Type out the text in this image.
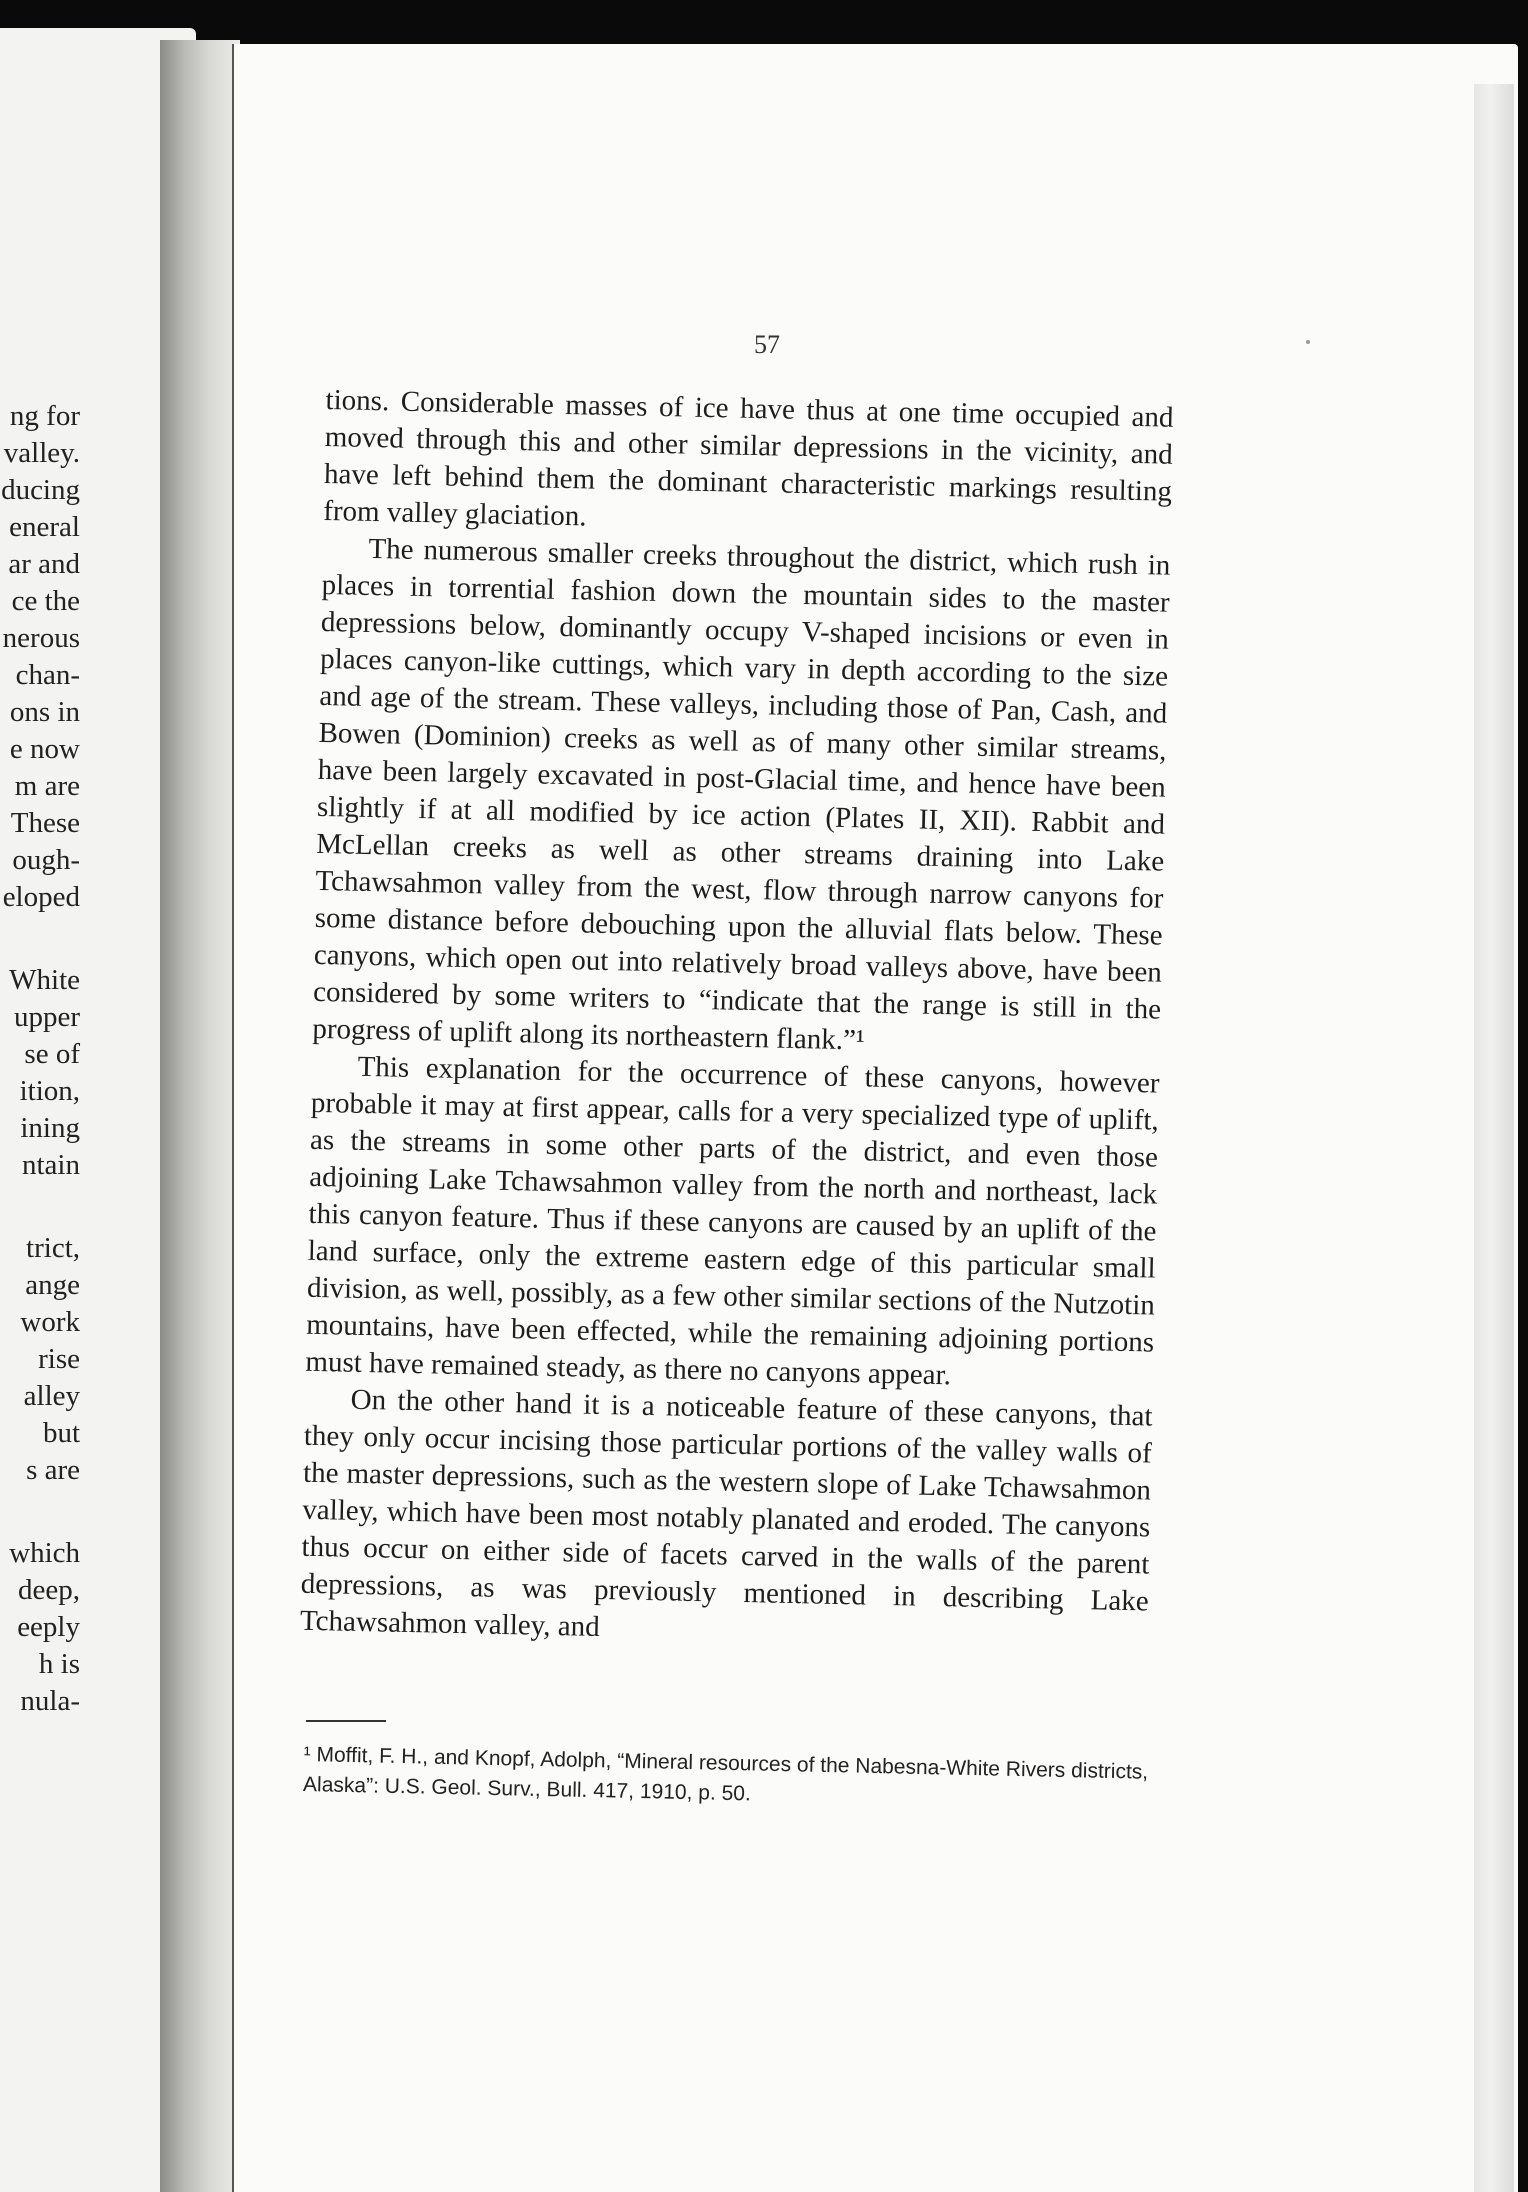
ng for
valley.
ducing
eneral
ar and
ce the
nerous
chan-
ons in
e now
m are
These
ough-
eloped
White
upper
se of
ition,
ining
ntain
trict,
ange
work
rise
alley
but
s are
which
deep,
eeply
h is
nula-
57

tions. Considerable masses of ice have thus at one time occupied and moved through this and other similar depressions in the vicinity, and have left behind them the dominant characteristic markings resulting from valley glaciation.

The numerous smaller creeks throughout the district, which rush in places in torrential fashion down the mountain sides to the master depressions below, dominantly occupy V-shaped incisions or even in places canyon-like cuttings, which vary in depth according to the size and age of the stream. These valleys, including those of Pan, Cash, and Bowen (Dominion) creeks as well as of many other similar streams, have been largely excavated in post-Glacial time, and hence have been slightly if at all modified by ice action (Plates II, XII). Rabbit and McLellan creeks as well as other streams draining into Lake Tchawsahmon valley from the west, flow through narrow canyons for some distance before debouching upon the alluvial flats below. These canyons, which open out into relatively broad valleys above, have been considered by some writers to “indicate that the range is still in the progress of uplift along its northeastern flank.”¹

This explanation for the occurrence of these canyons, however probable it may at first appear, calls for a very specialized type of uplift, as the streams in some other parts of the district, and even those adjoining Lake Tchawsahmon valley from the north and northeast, lack this canyon feature. Thus if these canyons are caused by an uplift of the land surface, only the extreme eastern edge of this particular small division, as well, possibly, as a few other similar sections of the Nutzotin mountains, have been effected, while the remaining adjoining portions must have remained steady, as there no canyons appear.

On the other hand it is a noticeable feature of these canyons, that they only occur incising those particular portions of the valley walls of the master depressions, such as the western slope of Lake Tchawsahmon valley, which have been most notably planated and eroded. The canyons thus occur on either side of facets carved in the walls of the parent depressions, as was previously mentioned in describing Lake Tchawsahmon valley, and

¹ Moffit, F. H., and Knopf, Adolph, “Mineral resources of the Nabesna-White Rivers districts, Alaska”: U.S. Geol. Surv., Bull. 417, 1910, p. 50.
